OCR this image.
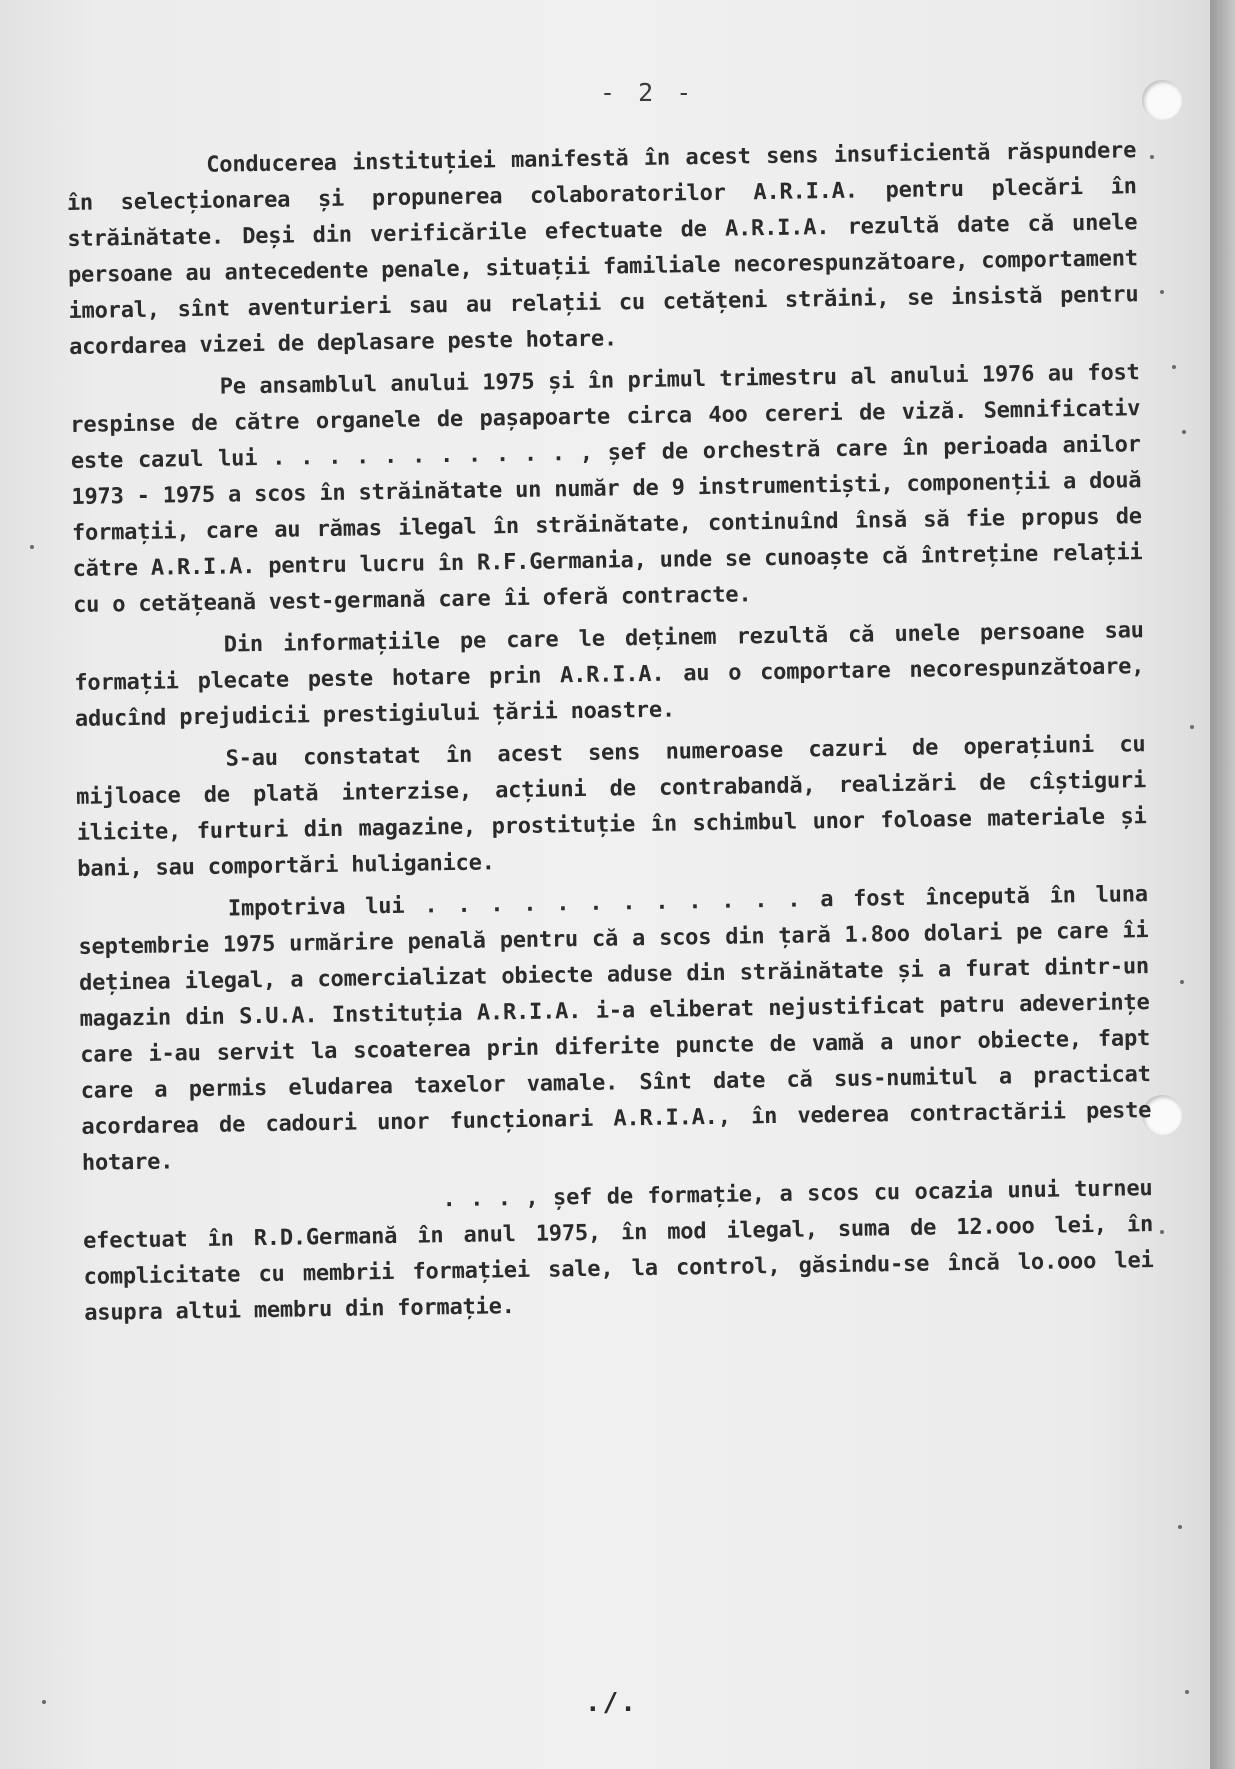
- 2 -

Conducerea instituției manifestă în acest sens insuficientă răspundere în selecționarea și propunerea colaboratorilor A.R.I.A. pentru plecări în străinătate. Deși din verificările efectuate de A.R.I.A. rezultă date că unele persoane au antecedente penale, situații familiale necorespunzătoare, comportament imoral, sînt aventurieri sau au relații cu cetățeni străini, se insistă pentru acordarea vizei de deplasare peste hotare.

Pe ansamblul anului 1975 și în primul trimestru al anului 1976 au fost respinse de către organele de pașapoarte circa 4oo cereri de viză. Semnificativ este cazul lui . . . . . . . . . . . , șef de orchestră care în perioada anilor 1973 - 1975 a scos în străinătate un număr de 9 instrumentiști, componenții a două formații, care au rămas ilegal în străinătate, continuînd însă să fie propus de către A.R.I.A. pentru lucru în R.F.Germania, unde se cunoaște că întreține relații cu o cetățeană vest-germană care îi oferă contracte.

Din informațiile pe care le deținem rezultă că unele persoane sau formații plecate peste hotare prin A.R.I.A. au o comportare necorespunzătoare, aducînd prejudicii prestigiului țării noastre.

S-au constatat în acest sens numeroase cazuri de operațiuni cu mijloace de plată interzise, acțiuni de contrabandă, realizări de cîștiguri ilicite, furturi din magazine, prostituție în schimbul unor foloase materiale și bani, sau comportări huliganice.

Impotriva lui . . . . . . . . . . . . a fost începută în luna septembrie 1975 urmărire penală pentru că a scos din țară 1.8oo dolari pe care îi deținea ilegal, a comercializat obiecte aduse din străinătate și a furat dintr-un magazin din S.U.A. Instituția A.R.I.A. i-a eliberat nejustificat patru adeverințe care i-au servit la scoaterea prin diferite puncte de vamă a unor obiecte, fapt care a permis eludarea taxelor vamale. Sînt date că sus-numitul a practicat acordarea de cadouri unor funcționari A.R.I.A., în vederea contractării peste hotare.

. . . , șef de formație, a scos cu ocazia unui turneu efectuat în R.D.Germană în anul 1975, în mod ilegal, suma de 12.ooo lei, în complicitate cu membrii formației sale, la control, găsindu-se încă lo.ooo lei asupra altui membru din formație.

./.
